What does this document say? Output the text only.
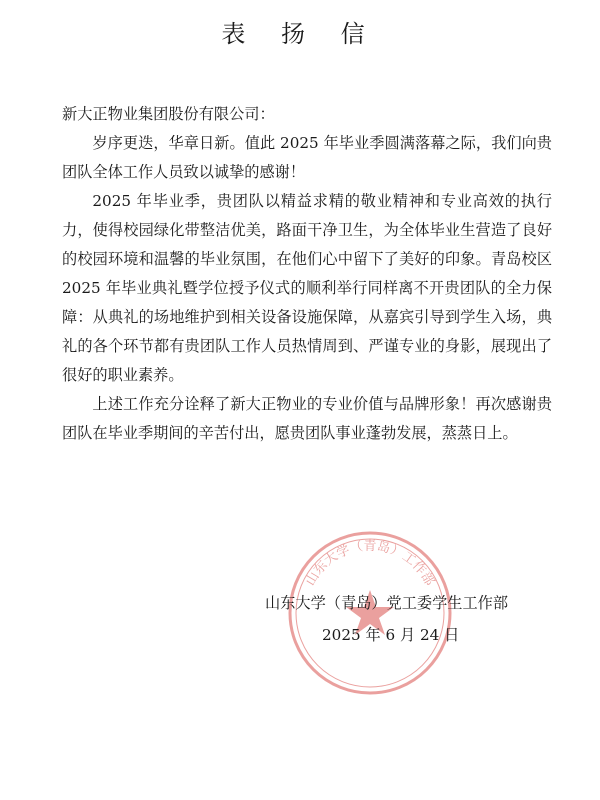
表 扬 信

新大正物业集团股份有限公司：

岁序更迭，华章日新。值此 2025 年毕业季圆满落幕之际，我们向贵团队全体工作人员致以诚挚的感谢！

2025 年毕业季，贵团队以精益求精的敬业精神和专业高效的执行力，使得校园绿化带整洁优美，路面干净卫生，为全体毕业生营造了良好的校园环境和温馨的毕业氛围，在他们心中留下了美好的印象。青岛校区 2025 年毕业典礼暨学位授予仪式的顺利举行同样离不开贵团队的全力保障：从典礼的场地维护到相关设备设施保障，从嘉宾引导到学生入场，典礼的各个环节都有贵团队工作人员热情周到、严谨专业的身影，展现出了很好的职业素养。

上述工作充分诠释了新大正物业的专业价值与品牌形象！再次感谢贵团队在毕业季期间的辛苦付出，愿贵团队事业蓬勃发展，蒸蒸日上。

山东大学（青岛）工作部

山东大学（青岛）党工委学生工作部

2025 年 6 月 24 日
